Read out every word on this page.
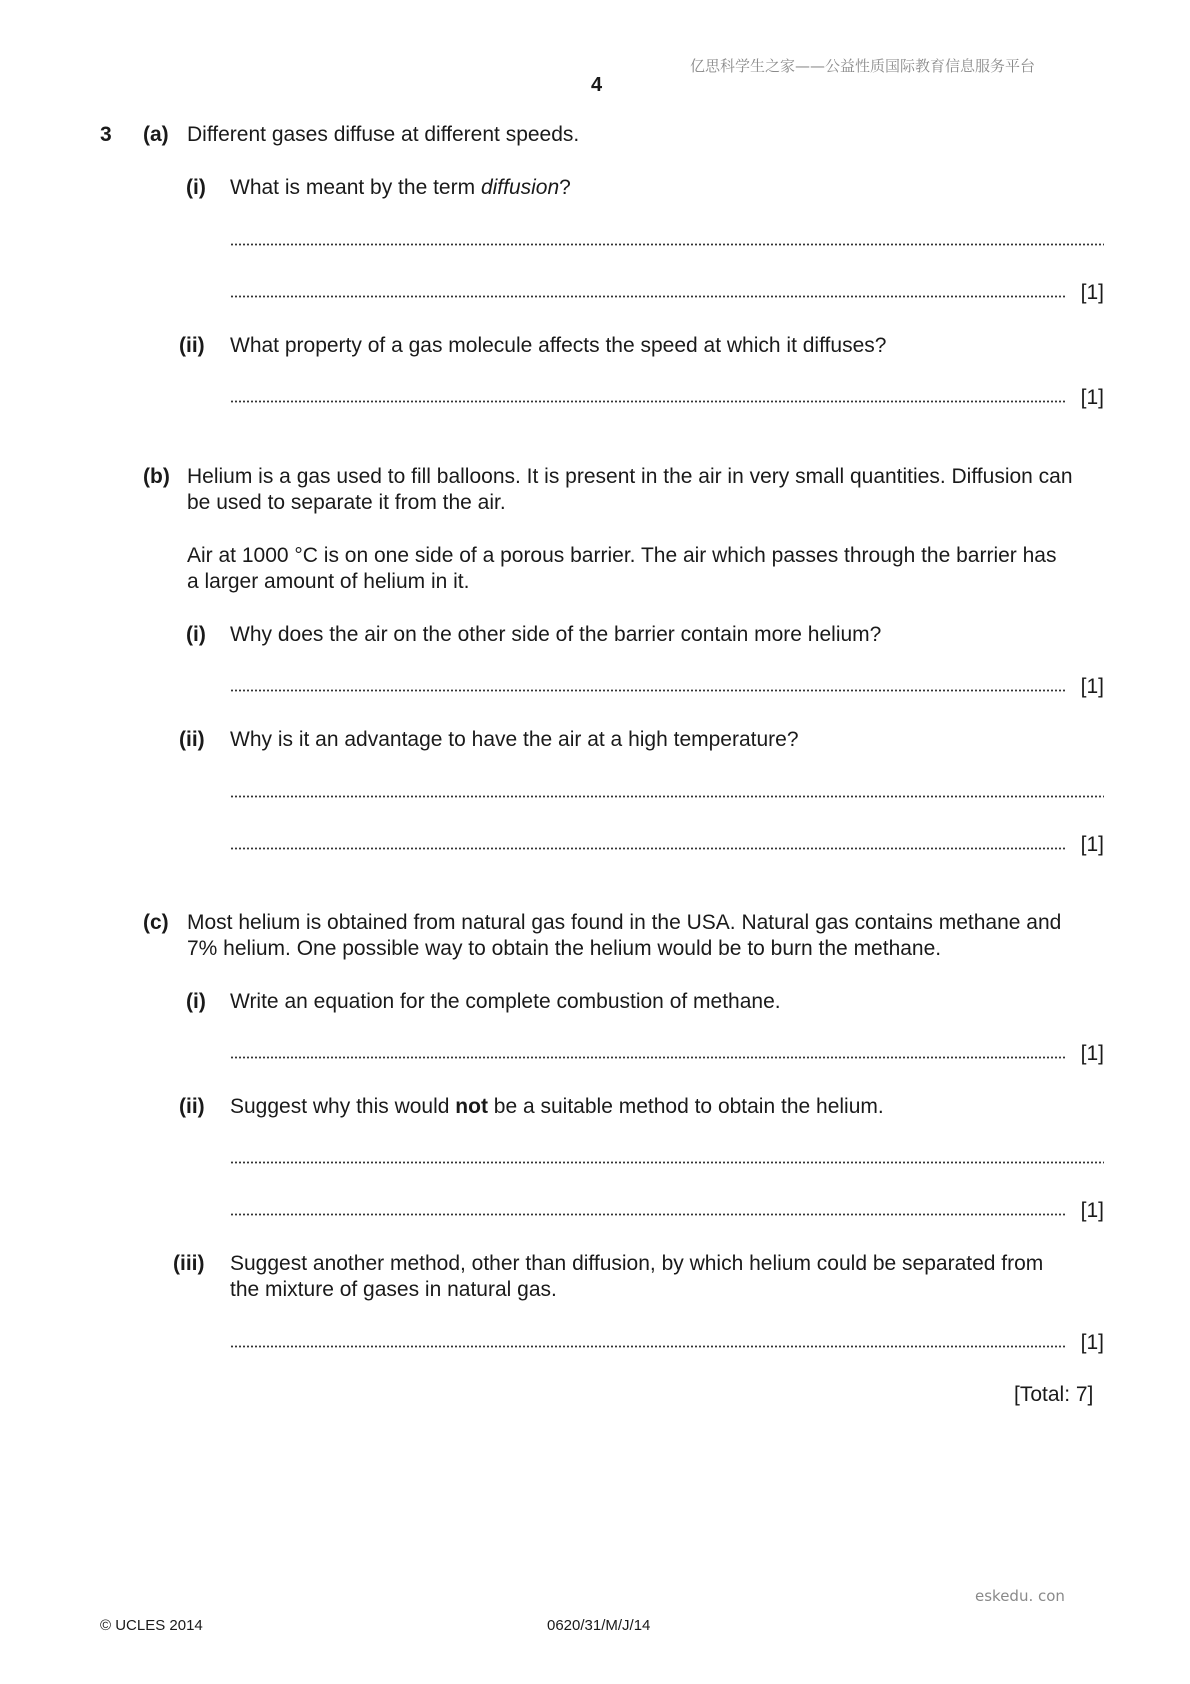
亿思科学生之家——公益性质国际教育信息服务平台
4
3 (a) Different gases diffuse at different speeds.
(i) What is meant by the term diffusion?
[1]
(ii) What property of a gas molecule affects the speed at which it diffuses?
[1]
(b) Helium is a gas used to fill balloons. It is present in the air in very small quantities. Diffusion can
be used to separate it from the air.
Air at 1000 °C is on one side of a porous barrier. The air which passes through the barrier has
a larger amount of helium in it.
(i) Why does the air on the other side of the barrier contain more helium?
[1]
(ii) Why is it an advantage to have the air at a high temperature?
[1]
(c) Most helium is obtained from natural gas found in the USA. Natural gas contains methane and
7% helium. One possible way to obtain the helium would be to burn the methane.
(i) Write an equation for the complete combustion of methane.
[1]
(ii) Suggest why this would not be a suitable method to obtain the helium.
[1]
(iii) Suggest another method, other than diffusion, by which helium could be separated from
the mixture of gases in natural gas.
[1]
[Total: 7]
eskedu. con
© UCLES 2014	0620/31/M/J/14
